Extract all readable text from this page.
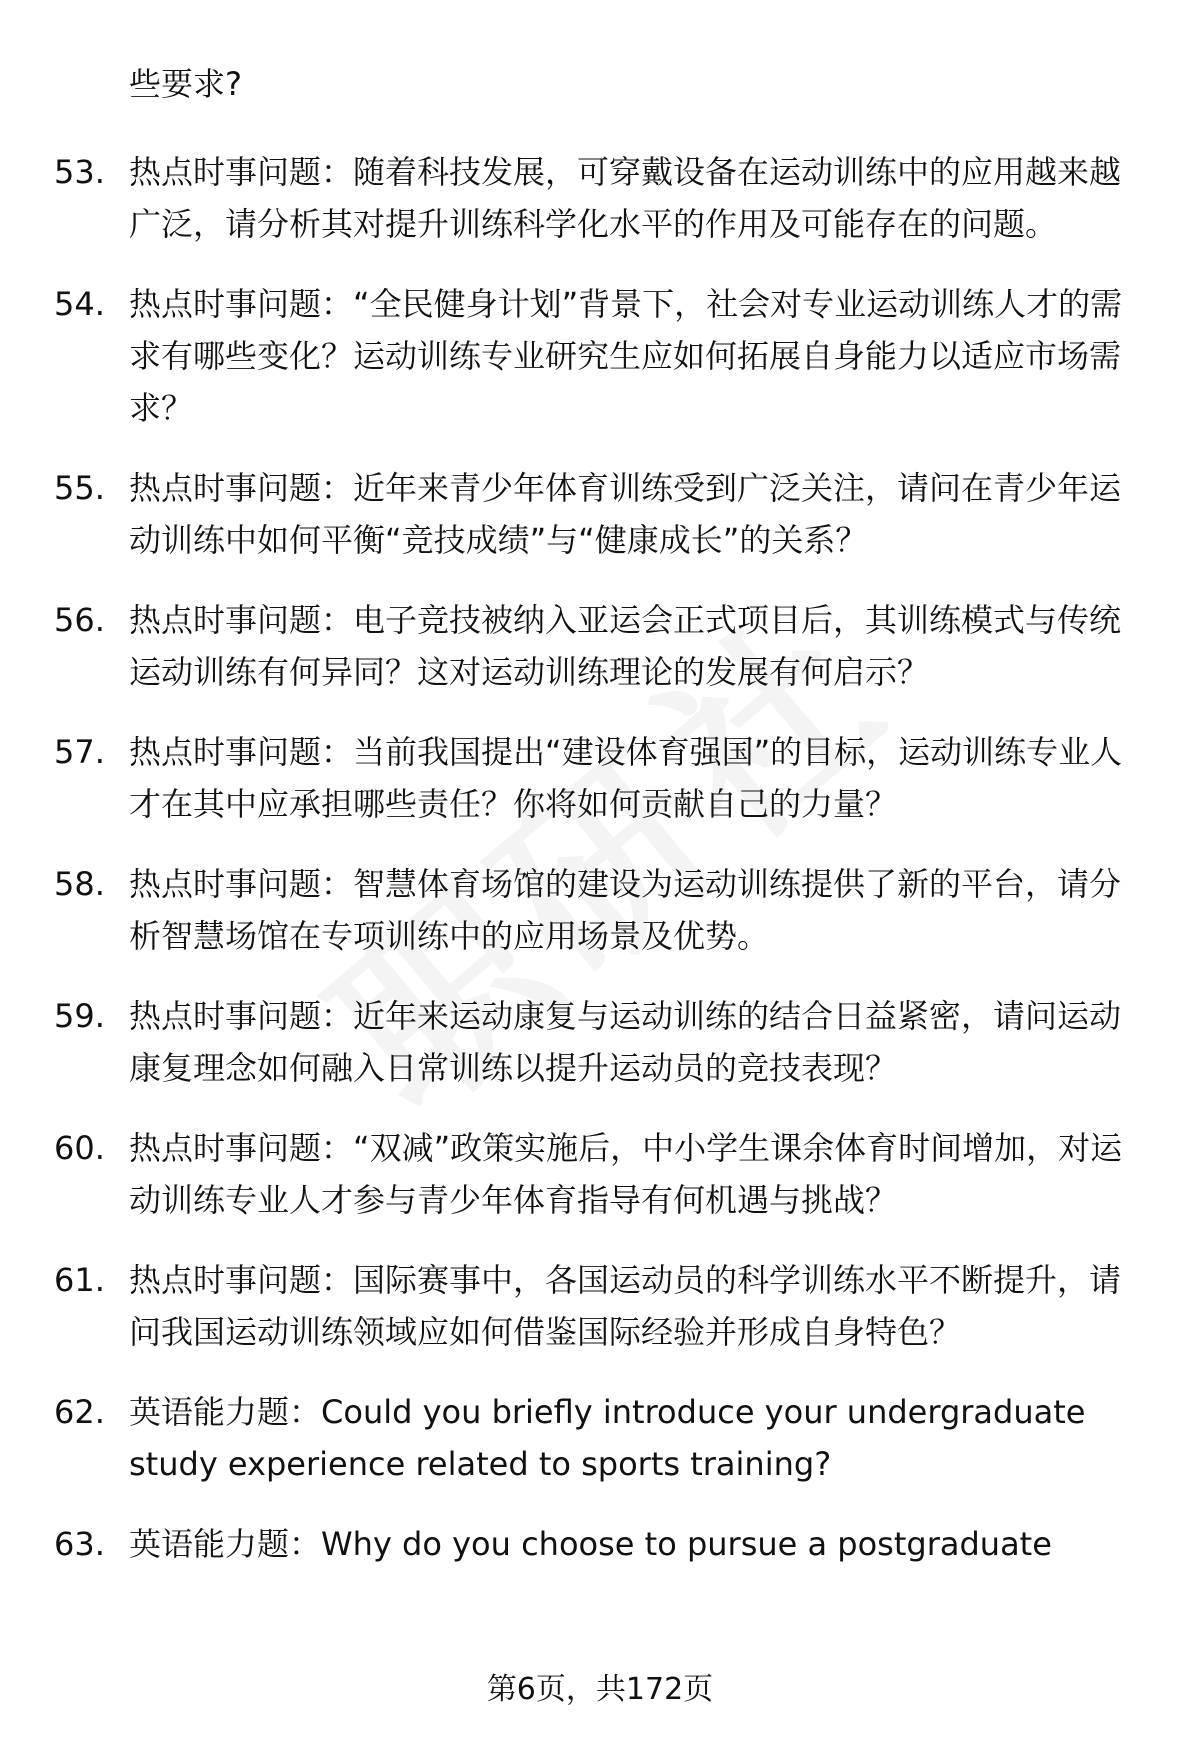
些要求?
53. 热点时事问题：随着科技发展，可穿戴设备在运动训练中的应用越来越广泛，请分析其对提升训练科学化水平的作用及可能存在的问题。
54. 热点时事问题：“全民健身计划”背景下，社会对专业运动训练人才的需求有哪些变化？运动训练专业研究生应如何拓展自身能力以适应市场需求？
55. 热点时事问题：近年来青少年体育训练受到广泛关注，请问在青少年运动训练中如何平衡“竞技成绩”与“健康成长”的关系？
56. 热点时事问题：电子竞技被纳入亚运会正式项目后，其训练模式与传统运动训练有何异同？这对运动训练理论的发展有何启示？
57. 热点时事问题：当前我国提出“建设体育强国”的目标，运动训练专业人才在其中应承担哪些责任？你将如何贡献自己的力量？
58. 热点时事问题：智慧体育场馆的建设为运动训练提供了新的平台，请分析智慧场馆在专项训练中的应用场景及优势。
59. 热点时事问题：近年来运动康复与运动训练的结合日益紧密，请问运动康复理念如何融入日常训练以提升运动员的竞技表现？
60. 热点时事问题：“双减”政策实施后，中小学生课余体育时间增加，对运动训练专业人才参与青少年体育指导有何机遇与挑战？
61. 热点时事问题：国际赛事中，各国运动员的科学训练水平不断提升，请问我国运动训练领域应如何借鉴国际经验并形成自身特色？
62. 英语能力题：Could you briefly introduce your undergraduate study experience related to sports training?
63. 英语能力题：Why do you choose to pursue a postgraduate
第6页，共172页
